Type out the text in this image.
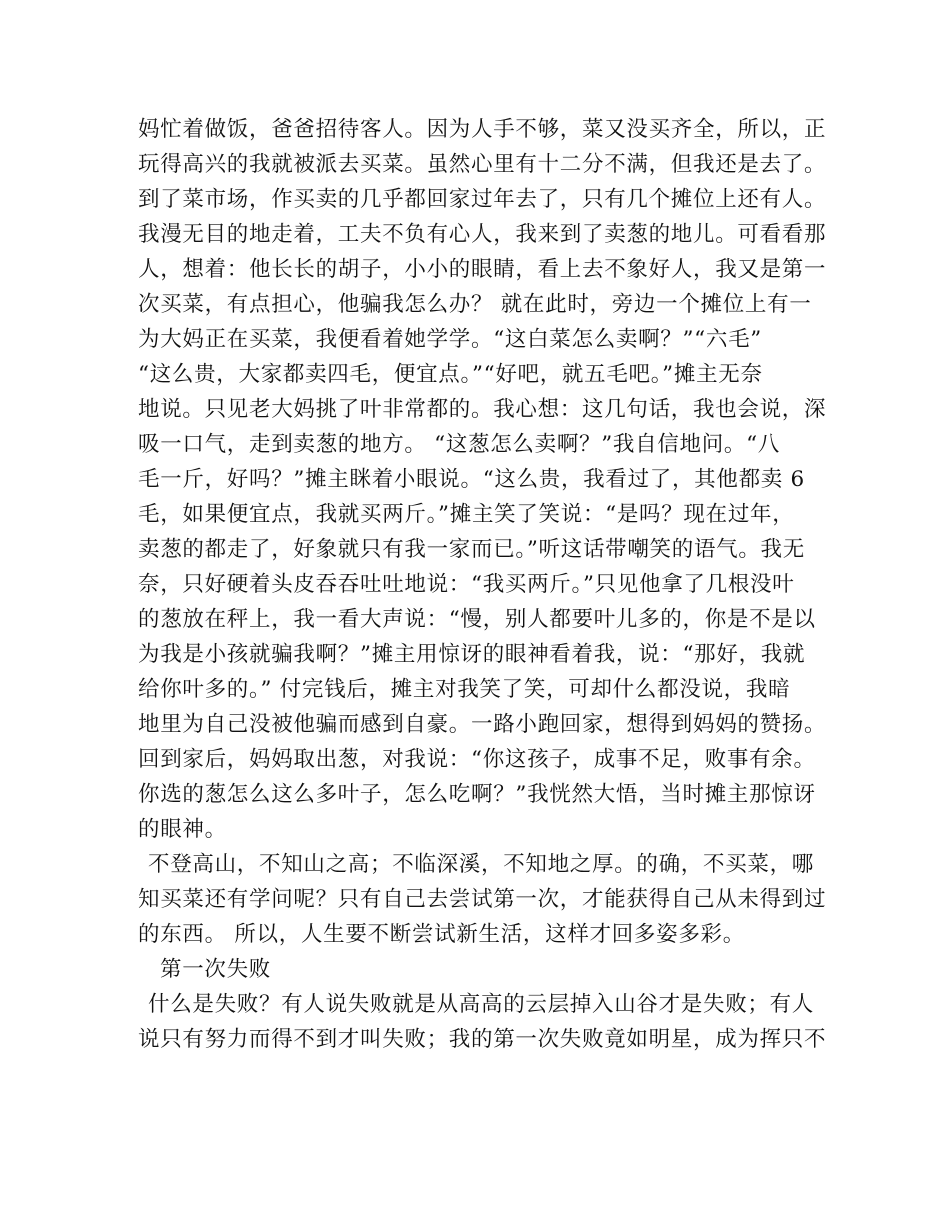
妈忙着做饭，爸爸招待客人。因为人手不够，菜又没买齐全，所以，正
玩得高兴的我就被派去买菜。虽然心里有十二分不满，但我还是去了。
到了菜市场，作买卖的几乎都回家过年去了，只有几个摊位上还有人。
我漫无目的地走着，工夫不负有心人，我来到了卖葱的地儿。可看看那
人，想着：他长长的胡子，小小的眼睛，看上去不象好人，我又是第一
次买菜，有点担心，他骗我怎么办？ 就在此时，旁边一个摊位上有一
为大妈正在买菜，我便看着她学学。“这白菜怎么卖啊？”“六毛”
“这么贵，大家都卖四毛，便宜点。”“好吧，就五毛吧。”摊主无奈
地说。只见老大妈挑了叶非常都的。我心想：这几句话，我也会说，深
吸一口气，走到卖葱的地方。 “这葱怎么卖啊？”我自信地问。“八
毛一斤，好吗？”摊主眯着小眼说。“这么贵，我看过了，其他都卖 6
毛，如果便宜点，我就买两斤。”摊主笑了笑说：“是吗？现在过年，
卖葱的都走了，好象就只有我一家而已。”听这话带嘲笑的语气。我无
奈，只好硬着头皮吞吞吐吐地说：“我买两斤。”只见他拿了几根没叶
的葱放在秤上，我一看大声说：“慢，别人都要叶儿多的，你是不是以
为我是小孩就骗我啊？”摊主用惊讶的眼神看着我，说：“那好，我就
给你叶多的。” 付完钱后，摊主对我笑了笑，可却什么都没说，我暗
地里为自己没被他骗而感到自豪。一路小跑回家，想得到妈妈的赞扬。
回到家后，妈妈取出葱，对我说：“你这孩子，成事不足，败事有余。
你选的葱怎么这么多叶子，怎么吃啊？”我恍然大悟，当时摊主那惊讶
的眼神。
不登高山，不知山之高；不临深溪，不知地之厚。的确，不买菜，哪
知买菜还有学问呢？只有自己去尝试第一次，才能获得自己从未得到过
的东西。 所以，人生要不断尝试新生活，这样才回多姿多彩。
第一次失败
什么是失败？有人说失败就是从高高的云层掉入山谷才是失败；有人
说只有努力而得不到才叫失败；我的第一次失败竟如明星，成为挥只不
